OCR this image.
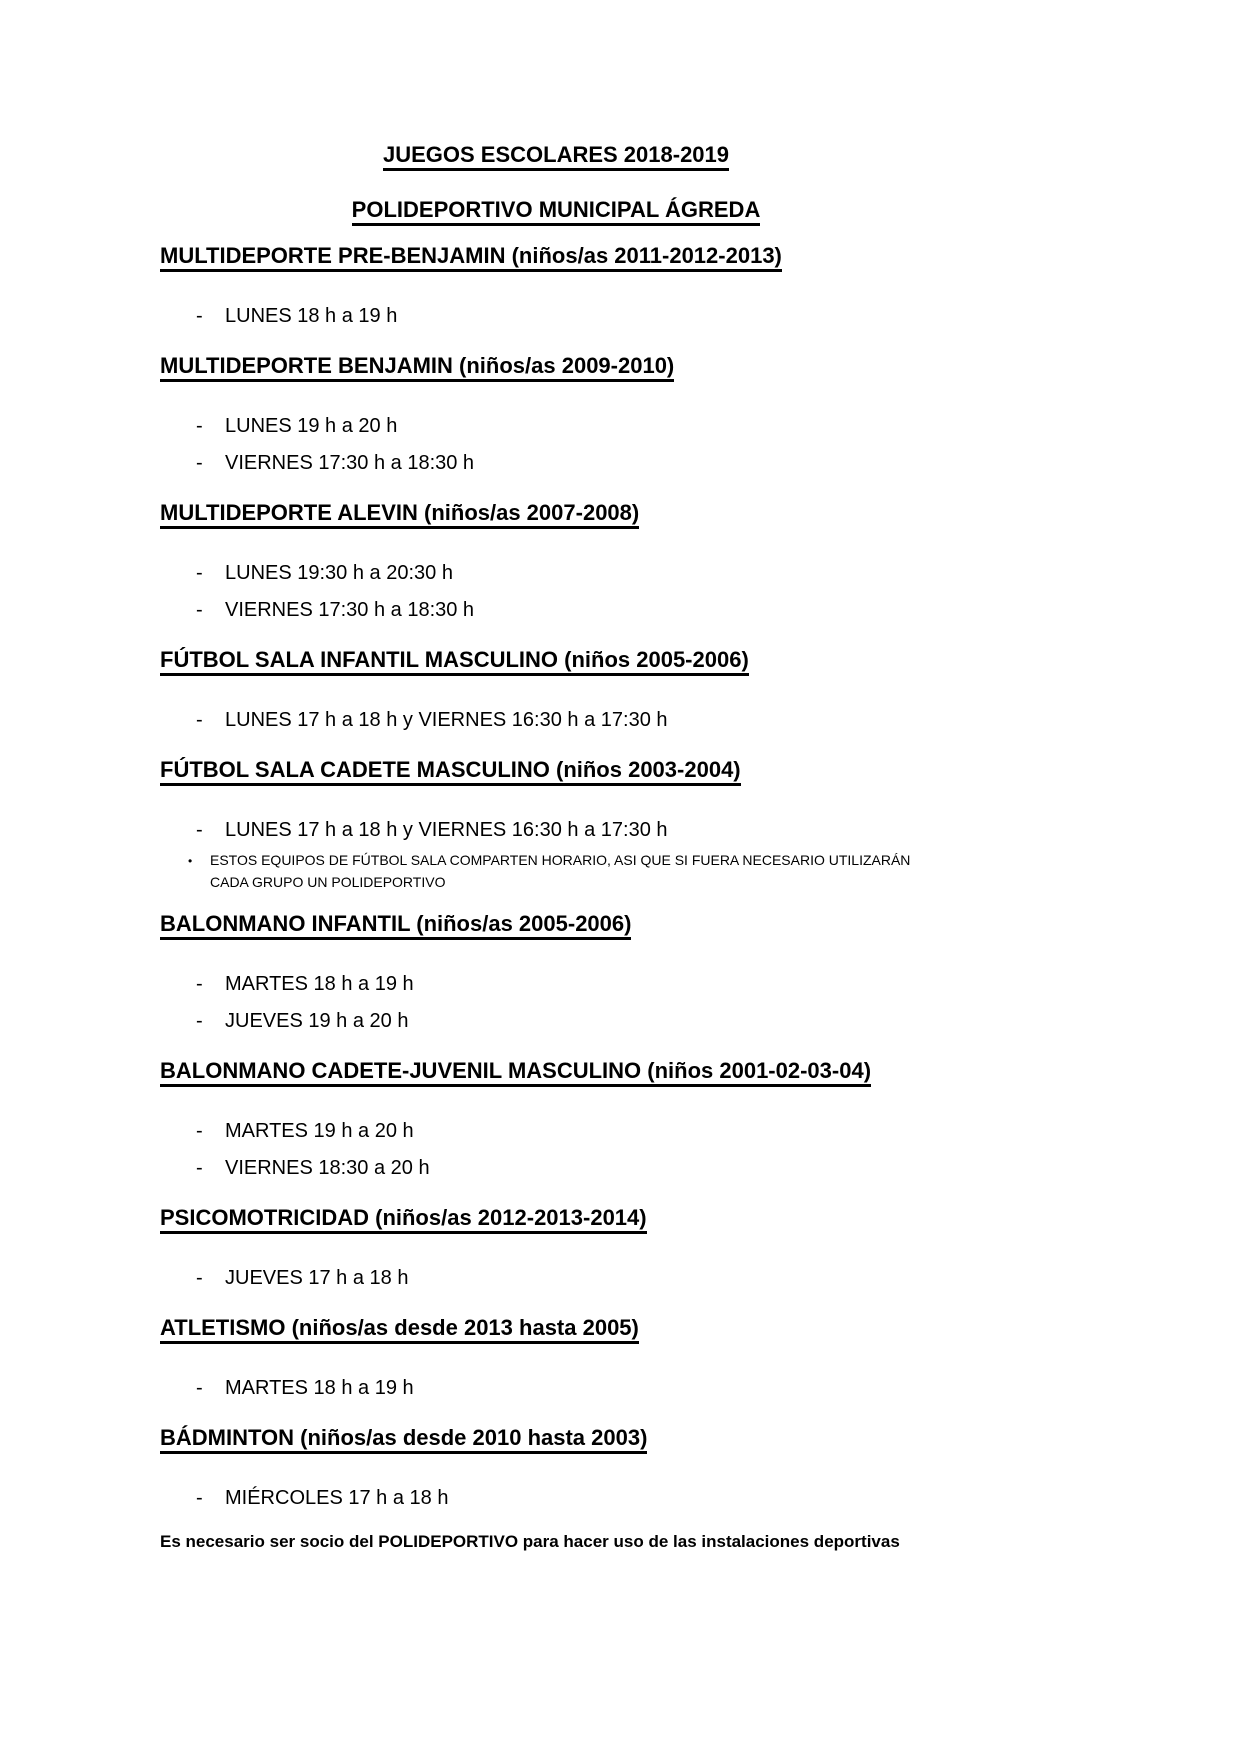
JUEGOS ESCOLARES 2018-2019
POLIDEPORTIVO MUNICIPAL ÁGREDA
MULTIDEPORTE PRE-BENJAMIN (niños/as 2011-2012-2013)
-	LUNES 18 h a 19 h
MULTIDEPORTE BENJAMIN (niños/as 2009-2010)
-	LUNES 19 h a 20 h
-	VIERNES 17:30 h a 18:30 h
MULTIDEPORTE ALEVIN (niños/as 2007-2008)
-	LUNES 19:30 h a 20:30 h
-	VIERNES 17:30 h a 18:30 h
FÚTBOL SALA INFANTIL MASCULINO (niños 2005-2006)
-	LUNES 17 h a 18 h y VIERNES 16:30 h a 17:30 h
FÚTBOL SALA CADETE MASCULINO (niños 2003-2004)
-	LUNES 17 h a 18 h y VIERNES 16:30 h a 17:30 h
•	ESTOS EQUIPOS DE FÚTBOL SALA COMPARTEN HORARIO, ASI QUE SI FUERA NECESARIO UTILIZARÁN CADA GRUPO UN POLIDEPORTIVO
BALONMANO INFANTIL (niños/as 2005-2006)
-	MARTES 18 h a 19 h
-	JUEVES 19 h a 20 h
BALONMANO CADETE-JUVENIL MASCULINO (niños 2001-02-03-04)
-	MARTES 19 h a 20 h
-	VIERNES 18:30 a 20 h
PSICOMOTRICIDAD (niños/as 2012-2013-2014)
-	JUEVES 17 h a 18 h
ATLETISMO (niños/as desde 2013 hasta 2005)
-	MARTES 18 h a 19 h
BÁDMINTON (niños/as desde 2010 hasta 2003)
-	MIÉRCOLES 17 h a 18 h

Es necesario ser socio del POLIDEPORTIVO para hacer uso de las instalaciones deportivas
